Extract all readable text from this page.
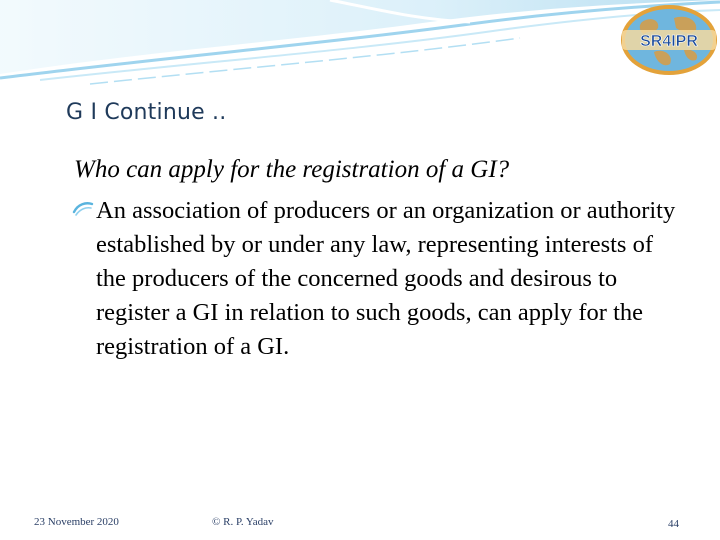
SR4IPR
G I Continue ..
Who can apply for the registration of a GI?

An association of producers or an organization or authority established by or under any law, representing interests of the producers of the concerned goods and desirous to register a GI in relation to such goods, can apply for the registration of a GI.

23 November 2020	© R. P. Yadav	44
